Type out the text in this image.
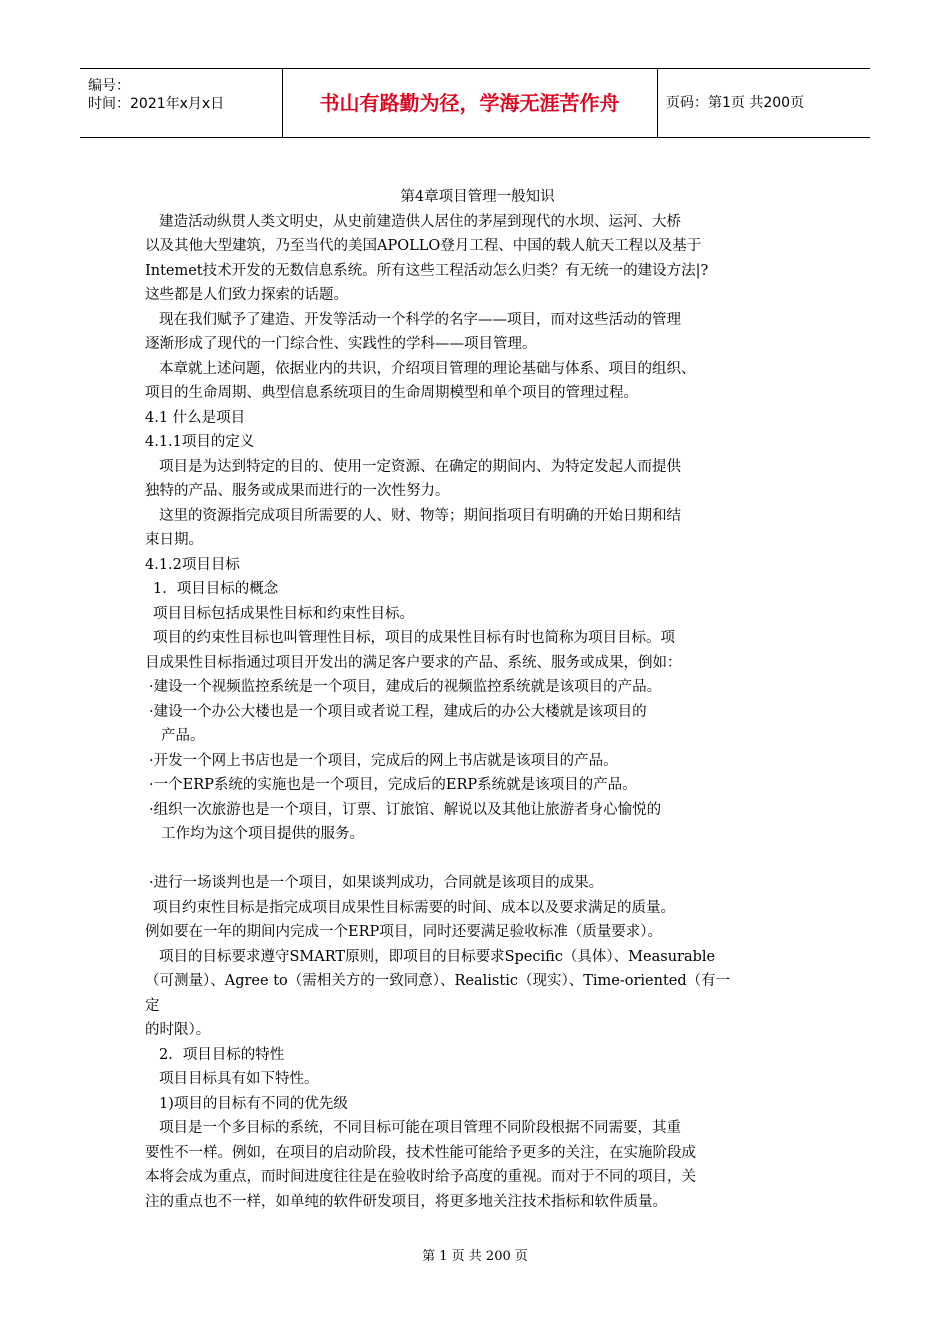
编号：
时间：2021年x月x日	书山有路勤为径，学海无涯苦作舟	页码：第1页 共200页
第4章项目管理一般知识
建造活动纵贯人类文明史，从史前建造供人居住的茅屋到现代的水坝、运河、大桥
以及其他大型建筑，乃至当代的美国APOLLO登月工程、中国的载人航天工程以及基于
Intemet技术开发的无数信息系统。所有这些工程活动怎么归类？有无统一的建设方法|?
这些都是人们致力探索的话题。
现在我们赋予了建造、开发等活动一个科学的名字——项目，而对这些活动的管理
逐渐形成了现代的一门综合性、实践性的学科——项目管理。
本章就上述问题，依据业内的共识，介绍项目管理的理论基础与体系、项目的组织、
项目的生命周期、典型信息系统项目的生命周期模型和单个项目的管理过程。
4.1 什么是项目
4.1.1项目的定义
项目是为达到特定的目的、使用一定资源、在确定的期间内、为特定发起人而提供
独特的产品、服务或成果而进行的一次性努力。
这里的资源指完成项目所需要的人、财、物等；期间指项目有明确的开始日期和结
束日期。
4.1.2项目目标
1．项目目标的概念
项目目标包括成果性目标和约束性目标。
项目的约束性目标也叫管理性目标，项目的成果性目标有时也简称为项目目标。项
目成果性目标指通过项目开发出的满足客户要求的产品、系统、服务或成果，倒如：
·建设一个视频监控系统是一个项目，建成后的视频监控系统就是该项目的产品。
·建设一个办公大楼也是一个项目或者说工程，建成后的办公大楼就是该项目的
产品。
·开发一个网上书店也是一个项目，完成后的网上书店就是该项目的产品。
·一个ERP系统的实施也是一个项目，完成后的ERP系统就是该项目的产品。
·组织一次旅游也是一个项目，订票、订旅馆、解说以及其他让旅游者身心愉悦的
工作均为这个项目提供的服务。
·进行一场谈判也是一个项目，如果谈判成功，合同就是该项目的成果。
项目约束性目标是指完成项目成果性目标需要的时间、成本以及要求满足的质量。
例如要在一年的期间内完成一个ERP项目，同时还要满足验收标准（质量要求）。
项目的目标要求遵守SMART原则，即项目的目标要求Specific（具体）、Measurable
（可测量）、Agree to（需相关方的一致同意）、Realistic（现实）、Time-oriented（有一
定
的时限）。
2．项目目标的特性
项目目标具有如下特性。
1)项目的目标有不同的优先级
项目是一个多目标的系统，不同目标可能在项目管理不同阶段根据不同需要，其重
要性不一样。例如，在项目的启动阶段，技术性能可能给予更多的关注，在实施阶段成
本将会成为重点，而时间进度往往是在验收时给予高度的重视。而对于不同的项目，关
注的重点也不一样，如单纯的软件研发项目，将更多地关注技术指标和软件质量。
第 1 页 共 200 页
